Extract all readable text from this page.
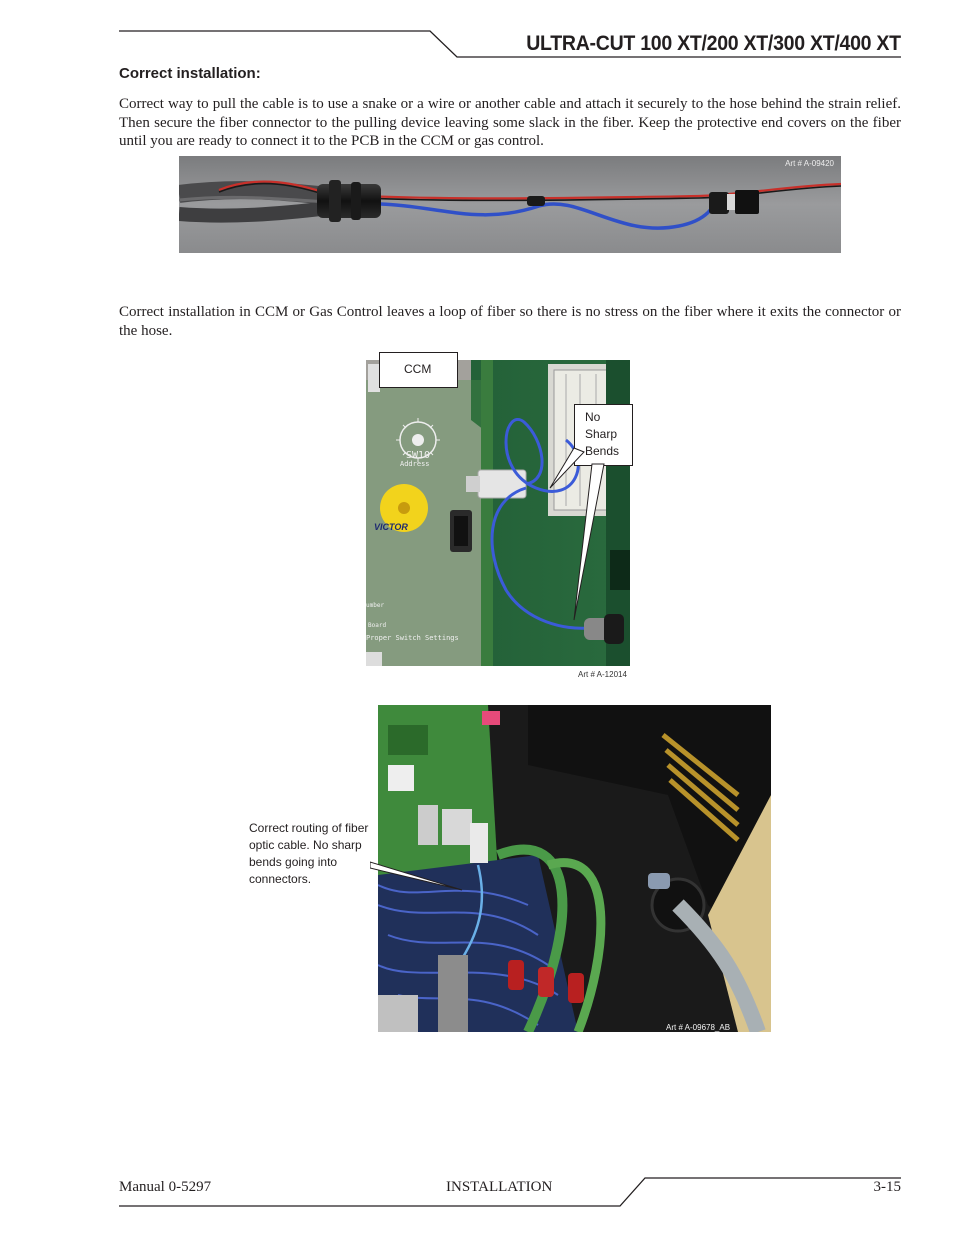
ULTRA-CUT 100 XT/200 XT/300 XT/400 XT
Correct installation:

Correct way to pull the cable is to use a snake or a wire or another cable and attach it securely to the hose behind the strain relief. Then secure the fiber connector to the pulling device leaving some slack in the fiber. Keep the protective end covers on the fiber until you are ready to connect it to the PCB in the CCM or gas control.

Art # A-09420

Correct installation in CCM or Gas Control leaves a loop of fiber so there is no stress on the fiber where it exits the connector or the hose.

SW10
Address
VICTOR
umber
Board
Proper Switch Settings
Art # A-12014
CCM
No
Sharp
Bends
Art # A-09678_AB

Correct routing of fiber optic cable. No sharp bends going into connectors.

Manual 0-5297	INSTALLATION	3-15
